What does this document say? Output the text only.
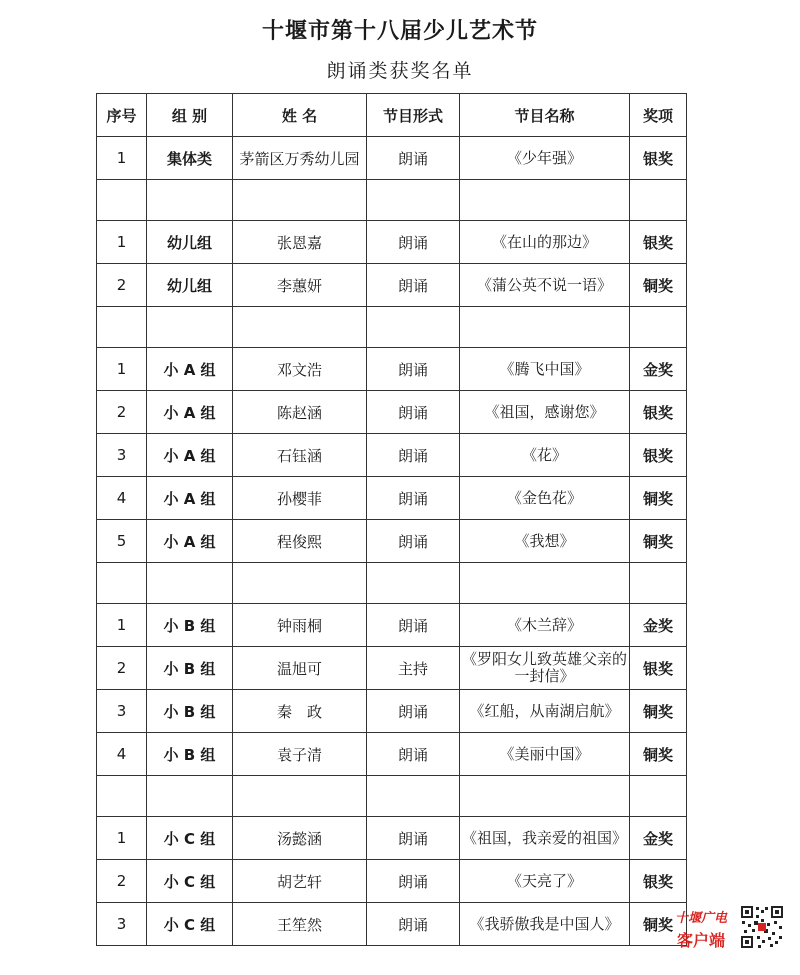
十堰市第十八届少儿艺术节
朗诵类获奖名单
序号	组 别	姓 名	节目形式	节目名称	奖项
1	集体类	茅箭区万秀幼儿园	朗诵	《少年强》	银奖

1	幼儿组	张恩嘉	朗诵	《在山的那边》	银奖
2	幼儿组	李蕙妍	朗诵	《蒲公英不说一语》	铜奖

1	小 A 组	邓文浩	朗诵	《腾飞中国》	金奖
2	小 A 组	陈赵涵	朗诵	《祖国，感谢您》	银奖
3	小 A 组	石钰涵	朗诵	《花》	银奖
4	小 A 组	孙樱菲	朗诵	《金色花》	铜奖
5	小 A 组	程俊熙	朗诵	《我想》	铜奖

1	小 B 组	钟雨桐	朗诵	《木兰辞》	金奖
2	小 B 组	温旭可	主持	《罗阳女儿致英雄父亲的一封信》	银奖
3	小 B 组	秦　政	朗诵	《红船，从南湖启航》	铜奖
4	小 B 组	袁子清	朗诵	《美丽中国》	铜奖

1	小 C 组	汤懿涵	朗诵	《祖国，我亲爱的祖国》	金奖
2	小 C 组	胡艺轩	朗诵	《天亮了》	银奖
3	小 C 组	王笙然	朗诵	《我骄傲我是中国人》	铜奖 十堰广电
客户端
